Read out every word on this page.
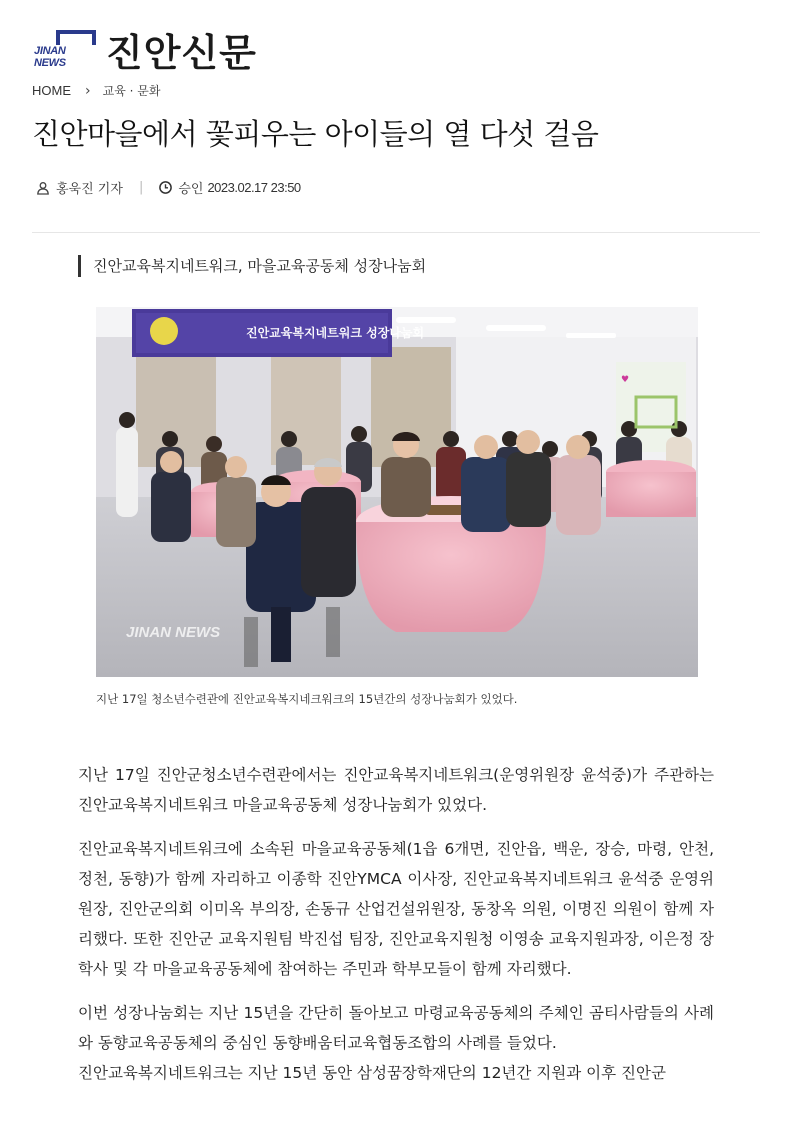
JINAN NEWS	진안신문
HOME › 교육 · 문화
진안마을에서 꽃피우는 아이들의 열 다섯 걸음
홍욱진 기자 |	승인 2023.02.17 23:50
진안교육복지네트워크, 마을교육공동체 성장나눔회
진안교육복지네트워크 성장나눔회
♥
JINAN NEWS
지난 17일 청소년수련관에 진안교육복지네크워크의 15년간의 성장나눔회가 있었다.

지난 17일 진안군청소년수련관에서는 진안교육복지네트워크(운영위원장 윤석중)가 주관하는 진안교육복지네트워크 마을교육공동체 성장나눔회가 있었다.

진안교육복지네트워크에 소속된 마을교육공동체(1읍 6개면, 진안읍, 백운, 장승, 마령, 안천, 정천, 동향)가 함께 자리하고 이종학 진안YMCA 이사장, 진안교육복지네트워크 윤석중 운영위원장, 진안군의회 이미옥 부의장, 손동규 산업건설위원장, 동창옥 의원, 이명진 의원이 함께 자리했다. 또한 진안군 교육지원팀 박진섭 팀장, 진안교육지원청 이영송 교육지원과장, 이은정 장학사 및 각 마을교육공동체에 참여하는 주민과 학부모들이 함께 자리했다.

이번 성장나눔회는 지난 15년을 간단히 돌아보고 마령교육공동체의 주체인 곰티사람들의 사례와 동향교육공동체의 중심인 동향배움터교육협동조합의 사례를 들었다.

진안교육복지네트워크는 지난 15년 동안 삼성꿈장학재단의 12년간 지원과 이후 진안군
